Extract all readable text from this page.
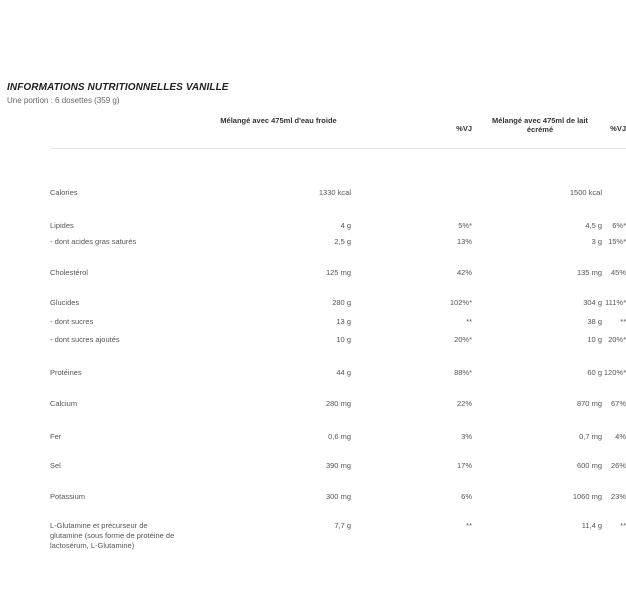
INFORMATIONS NUTRITIONNELLES VANILLE
Une portion : 6 dosettes (359 g)
	Mélangé avec 475ml d'eau froide	%VJ	Mélangé avec 475ml de lait écrémé	%VJ

Calories	1330 kcal		1500 kcal	
Lipides	4 g	5%*	4,5 g	6%*
- dont acides gras saturés	2,5 g	13%	3 g	15%*
Cholestérol	125 mg	42%	135 mg	45%
Glucides	280 g	102%*	304 g	111%*
- dont sucres	13 g	**	38 g	**
- dont sucres ajoutés	10 g	20%*	10 g	20%*
Protéines	44 g	88%*	60 g	120%*
Calcium	280 mg	22%	870 mg	67%
Fer	0,6 mg	3%	0,7 mg	4%
Sel	390 mg	17%	600 mg	26%
Potassium	300 mg	6%	1060 mg	23%
L-Glutamine et précurseur de glutamine (sous forme de protéine de lactosérum, L-Glutamine)	7,7 g	**	11,4 g	**
